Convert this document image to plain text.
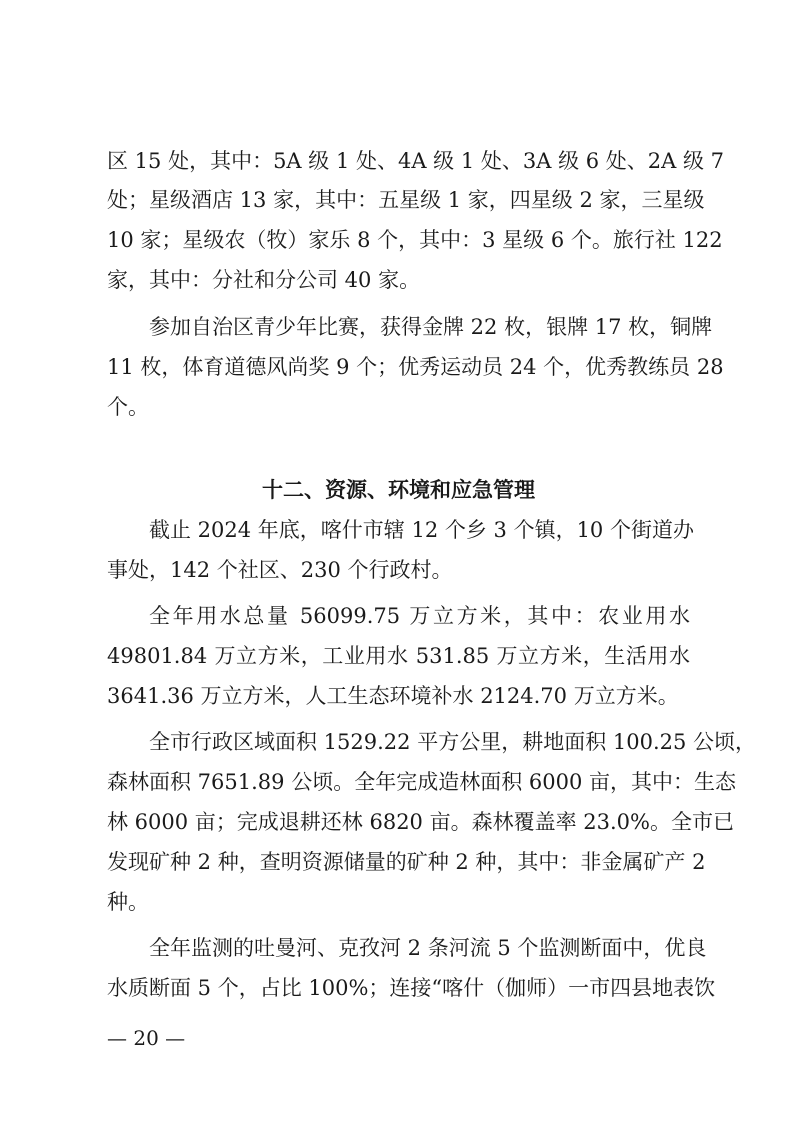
区 15 处，其中：5A 级 1 处、4A 级 1 处、3A 级 6 处、2A 级 7
处；星级酒店 13 家，其中：五星级 1 家，四星级 2 家，三星级
10 家；星级农（牧）家乐 8 个，其中：3 星级 6 个。旅行社 122
家，其中：分社和分公司 40 家。
参加自治区青少年比赛，获得金牌 22 枚，银牌 17 枚，铜牌
11 枚，体育道德风尚奖 9 个；优秀运动员 24 个，优秀教练员 28
个。
十二、资源、环境和应急管理
截止 2024 年底，喀什市辖 12 个乡 3 个镇，10 个街道办
事处，142 个社区、230 个行政村。
全年用水总量 56099.75 万立方米，其中：农业用水
49801.84 万立方米，工业用水 531.85 万立方米，生活用水
3641.36 万立方米，人工生态环境补水 2124.70 万立方米。
全市行政区域面积 1529.22 平方公里，耕地面积 100.25 公顷，
森林面积 7651.89 公顷。全年完成造林面积 6000 亩，其中：生态
林 6000 亩；完成退耕还林 6820 亩。森林覆盖率 23.0%。全市已
发现矿种 2 种，查明资源储量的矿种 2 种，其中：非金属矿产 2
种。
全年监测的吐曼河、克孜河 2 条河流 5 个监测断面中，优良
水质断面 5 个，占比 100%；连接“喀什（伽师）一市四县地表饮
— 20 —
